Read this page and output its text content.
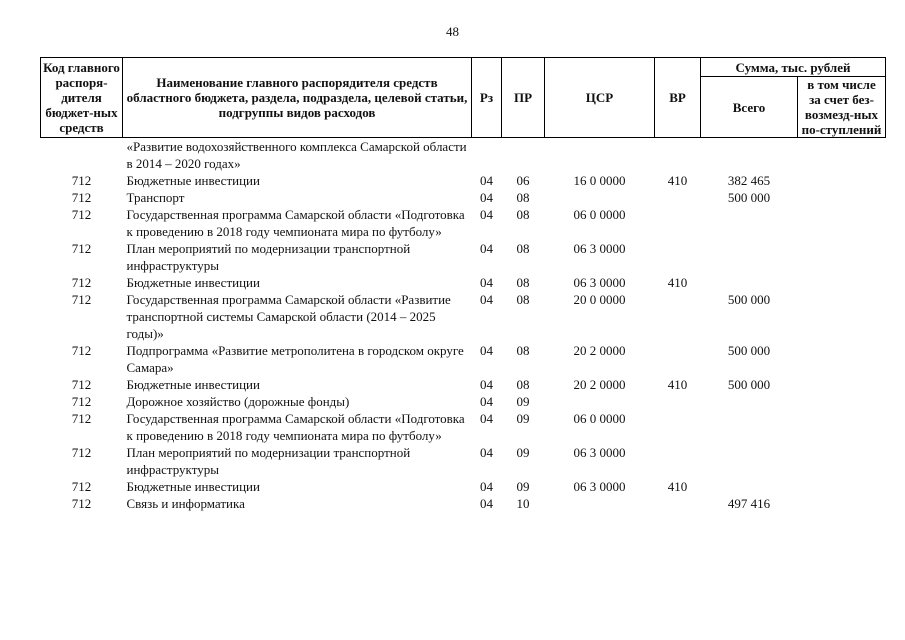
48
Код главного распоря-дителя бюджет-ных средств	Наименование главного распорядителя средств областного бюджета, раздела, подраздела, целевой статьи, подгруппы видов расходов	Рз	ПР	ЦСР	ВР	Сумма, тыс. рублей	
						Всего	в том числе за счет без-возмезд-ных по-ступлений
	«Развитие водохозяйственного комплекса Самарской области в 2014 – 2020 годах»						
712	Бюджетные инвестиции	04	06	16 0 0000	410	382 465	
712	Транспорт	04	08			500 000	
712	Государственная программа Самарской области «Подготовка к проведению в 2018 году чемпионата мира по футболу»	04	08	06 0 0000			
712	План мероприятий по модернизации транспортной инфраструктуры	04	08	06 3 0000			
712	Бюджетные инвестиции	04	08	06 3 0000	410		
712	Государственная программа Самарской области «Развитие транспортной системы Самарской области (2014 – 2025 годы)»	04	08	20 0 0000		500 000	
712	Подпрограмма «Развитие метрополитена в городском округе Самара»	04	08	20 2 0000		500 000	
712	Бюджетные инвестиции	04	08	20 2 0000	410	500 000	
712	Дорожное хозяйство (дорожные фонды)	04	09				
712	Государственная программа Самарской области «Подготовка к проведению в 2018 году чемпионата мира по футболу»	04	09	06 0 0000			
712	План мероприятий по модернизации транспортной инфраструктуры	04	09	06 3 0000			
712	Бюджетные инвестиции	04	09	06 3 0000	410		
712	Связь и информатика	04	10			497 416	
